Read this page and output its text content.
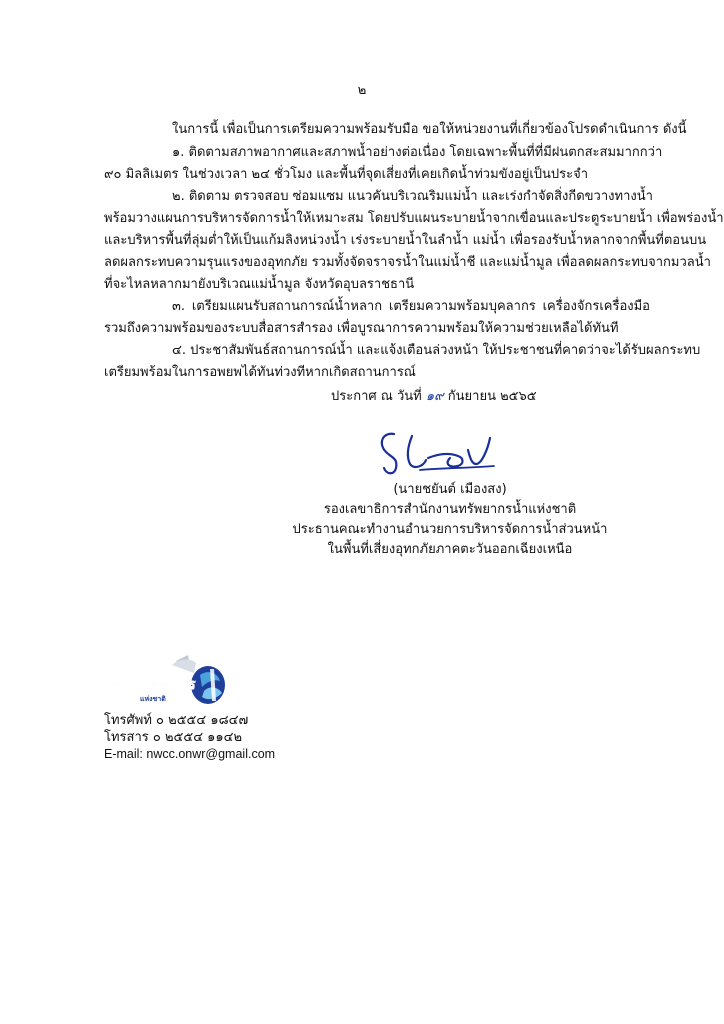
๒
ในการนี้ เพื่อเป็นการเตรียมความพร้อมรับมือ ขอให้หน่วยงานที่เกี่ยวข้องโปรดดำเนินการ ดังนี้
๑. ติดตามสภาพอากาศและสภาพน้ำอย่างต่อเนื่อง โดยเฉพาะพื้นที่ที่มีฝนตกสะสมมากกว่า
๙๐ มิลลิเมตร ในช่วงเวลา ๒๔ ชั่วโมง และพื้นที่จุดเสี่ยงที่เคยเกิดน้ำท่วมขังอยู่เป็นประจำ
๒. ติดตาม ตรวจสอบ ซ่อมแซม แนวคันบริเวณริมแม่น้ำ และเร่งกำจัดสิ่งกีดขวางทางน้ำ
พร้อมวางแผนการบริหารจัดการน้ำให้เหมาะสม โดยปรับแผนระบายน้ำจากเขื่อนและประตูระบายน้ำ เพื่อพร่องน้ำ
และบริหารพื้นที่ลุ่มต่ำให้เป็นแก้มลิงหน่วงน้ำ เร่งระบายน้ำในลำน้ำ แม่น้ำ เพื่อรองรับน้ำหลากจากพื้นที่ตอนบน
ลดผลกระทบความรุนแรงของอุทกภัย รวมทั้งจัดจราจรน้ำในแม่น้ำชี และแม่น้ำมูล เพื่อลดผลกระทบจากมวลน้ำ
ที่จะไหลหลากมายังบริเวณแม่น้ำมูล จังหวัดอุบลราชธานี
๓. เตรียมแผนรับสถานการณ์น้ำหลาก เตรียมความพร้อมบุคลากร เครื่องจักรเครื่องมือ
รวมถึงความพร้อมของระบบสื่อสารสำรอง เพื่อบูรณาการความพร้อมให้ความช่วยเหลือได้ทันที
๔. ประชาสัมพันธ์สถานการณ์น้ำ และแจ้งเตือนล่วงหน้า ให้ประชาชนที่คาดว่าจะได้รับผลกระทบ
เตรียมพร้อมในการอพยพได้ทันท่วงทีหากเกิดสถานการณ์
ประกาศ ณ วันที่ ๑๙ กันยายน ๒๕๖๕
(นายชยันต์ เมืองสง)
รองเลขาธิการสำนักงานทรัพยากรน้ำแห่งชาติ
ประธานคณะทำงานอำนวยการบริหารจัดการน้ำส่วนหน้า
ในพื้นที่เสี่ยงอุทกภัยภาคตะวันออกเฉียงเหนือ
กองอำนวยการ
แห่งชาติ
โทรศัพท์ ๐ ๒๕๕๔ ๑๘๔๗
โทรสาร ๐ ๒๕๕๔ ๑๑๔๒
E-mail: nwcc.onwr@gmail.com
